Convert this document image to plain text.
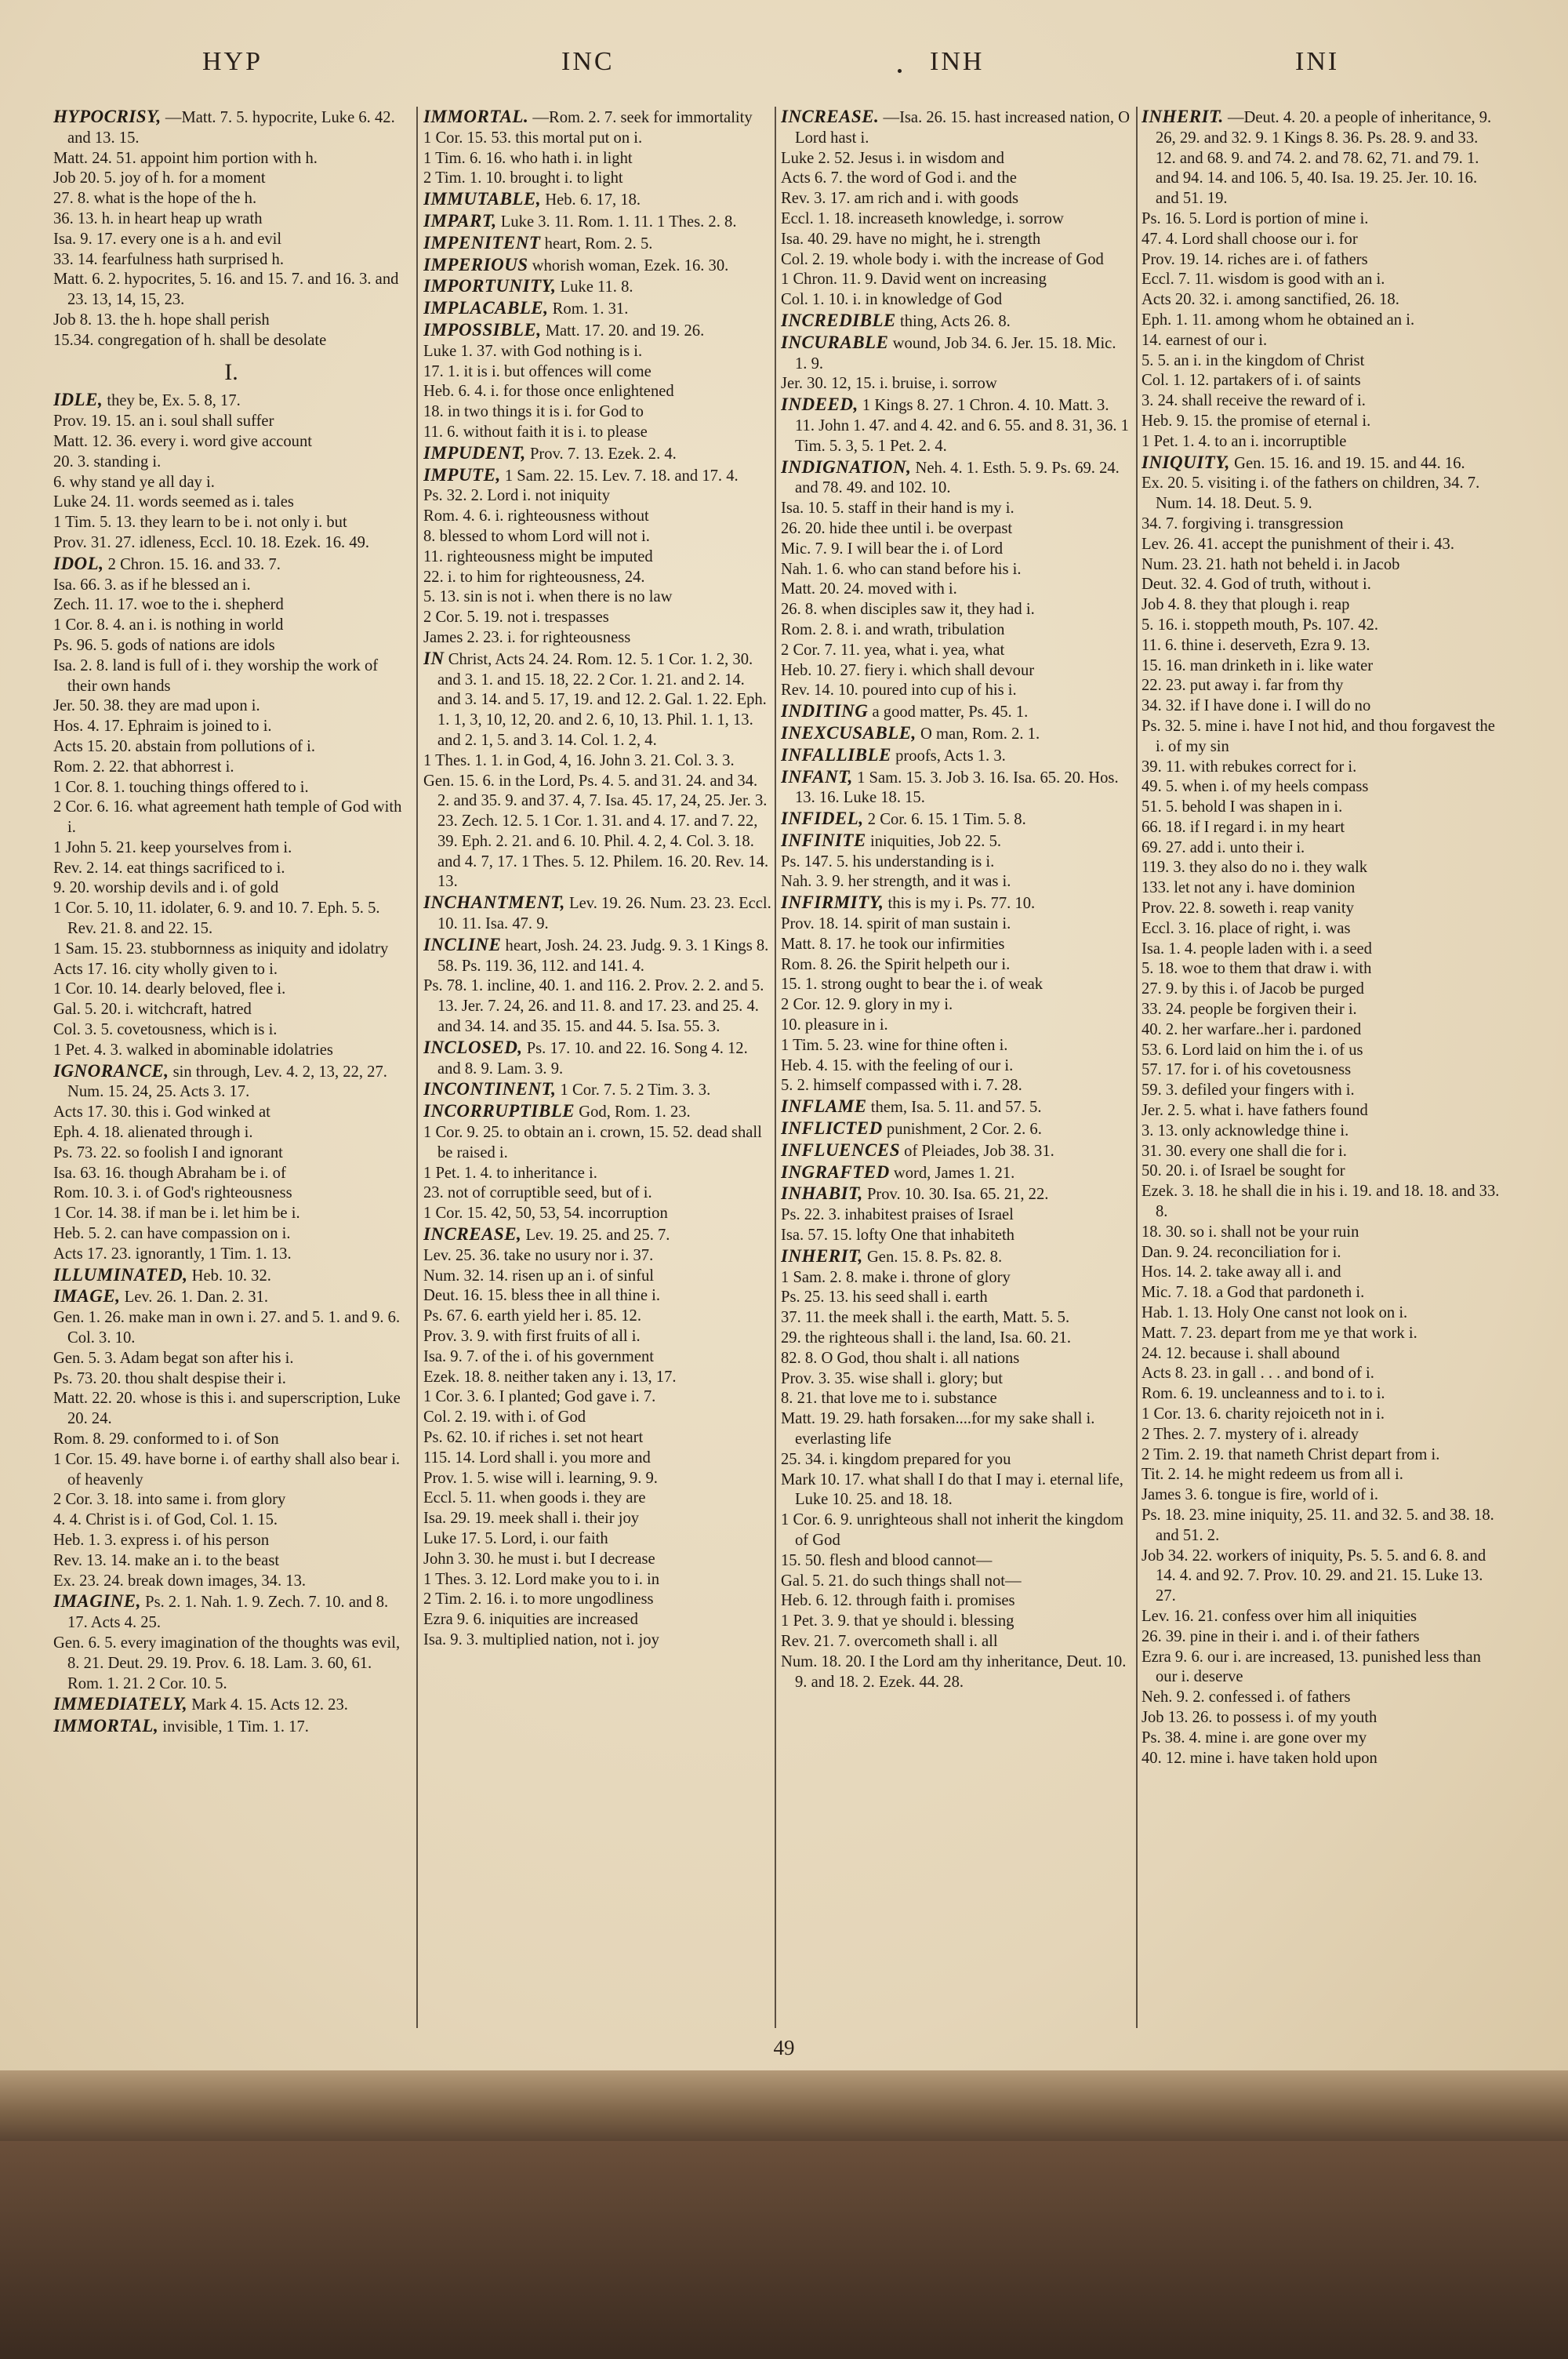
HYP	INC	INH	INI
HYPOCRISY, —Matt. 7. 5. hypocrite, Luke 6. 42. and 13. 15.
Matt. 24. 51. appoint him portion with h.
Job 20. 5. joy of h. for a moment
27. 8. what is the hope of the h.
36. 13. h. in heart heap up wrath
Isa. 9. 17. every one is a h. and evil
33. 14. fearfulness hath surprised h.
Matt. 6. 2. hypocrites, 5. 16. and 15. 7. and 16. 3. and 23. 13, 14, 15, 23.
Job 8. 13. the h. hope shall perish
15.34. congregation of h. shall be desolate
I.
IDLE, they be, Ex. 5. 8, 17.
Prov. 19. 15. an i. soul shall suffer
Matt. 12. 36. every i. word give account
20. 3. standing i.
6. why stand ye all day i.
Luke 24. 11. words seemed as i. tales
1 Tim. 5. 13. they learn to be i. not only i. but
Prov. 31. 27. idleness, Eccl. 10. 18. Ezek. 16. 49.
IDOL, 2 Chron. 15. 16. and 33. 7.
Isa. 66. 3. as if he blessed an i.
Zech. 11. 17. woe to the i. shepherd
1 Cor. 8. 4. an i. is nothing in world
Ps. 96. 5. gods of nations are idols
Isa. 2. 8. land is full of i. they worship the work of their own hands
Jer. 50. 38. they are mad upon i.
Hos. 4. 17. Ephraim is joined to i.
Acts 15. 20. abstain from pollutions of i.
Rom. 2. 22. that abhorrest i.
1 Cor. 8. 1. touching things offered to i.
2 Cor. 6. 16. what agreement hath temple of God with i.
1 John 5. 21. keep yourselves from i.
Rev. 2. 14. eat things sacrificed to i.
9. 20. worship devils and i. of gold
1 Cor. 5. 10, 11. idolater, 6. 9. and 10. 7. Eph. 5. 5. Rev. 21. 8. and 22. 15.
1 Sam. 15. 23. stubbornness as iniquity and idolatry
Acts 17. 16. city wholly given to i.
1 Cor. 10. 14. dearly beloved, flee i.
Gal. 5. 20. i. witchcraft, hatred
Col. 3. 5. covetousness, which is i.
1 Pet. 4. 3. walked in abominable idolatries
IGNORANCE, sin through, Lev. 4. 2, 13, 22, 27. Num. 15. 24, 25. Acts 3. 17.
Acts 17. 30. this i. God winked at
Eph. 4. 18. alienated through i.
Ps. 73. 22. so foolish I and ignorant
Isa. 63. 16. though Abraham be i. of
Rom. 10. 3. i. of God's righteousness
1 Cor. 14. 38. if man be i. let him be i.
Heb. 5. 2. can have compassion on i.
Acts 17. 23. ignorantly, 1 Tim. 1. 13.
ILLUMINATED, Heb. 10. 32.
IMAGE, Lev. 26. 1. Dan. 2. 31.
Gen. 1. 26. make man in own i. 27. and 5. 1. and 9. 6. Col. 3. 10.
Gen. 5. 3. Adam begat son after his i.
Ps. 73. 20. thou shalt despise their i.
Matt. 22. 20. whose is this i. and superscription, Luke 20. 24.
Rom. 8. 29. conformed to i. of Son
1 Cor. 15. 49. have borne i. of earthy shall also bear i. of heavenly
2 Cor. 3. 18. into same i. from glory
4. 4. Christ is i. of God, Col. 1. 15.
Heb. 1. 3. express i. of his person
Rev. 13. 14. make an i. to the beast
Ex. 23. 24. break down images, 34. 13.
IMAGINE, Ps. 2. 1. Nah. 1. 9. Zech. 7. 10. and 8. 17. Acts 4. 25.
Gen. 6. 5. every imagination of the thoughts was evil, 8. 21. Deut. 29. 19. Prov. 6. 18. Lam. 3. 60, 61. Rom. 1. 21. 2 Cor. 10. 5.
IMMEDIATELY, Mark 4. 15. Acts 12. 23.
IMMORTAL, invisible, 1 Tim. 1. 17.
IMMORTAL. —Rom. 2. 7. seek for immortality
1 Cor. 15. 53. this mortal put on i.
1 Tim. 6. 16. who hath i. in light
2 Tim. 1. 10. brought i. to light
IMMUTABLE, Heb. 6. 17, 18.
IMPART, Luke 3. 11. Rom. 1. 11. 1 Thes. 2. 8.
IMPENITENT heart, Rom. 2. 5.
IMPERIOUS whorish woman, Ezek. 16. 30.
IMPORTUNITY, Luke 11. 8.
IMPLACABLE, Rom. 1. 31.
IMPOSSIBLE, Matt. 17. 20. and 19. 26.
Luke 1. 37. with God nothing is i.
17. 1. it is i. but offences will come
Heb. 6. 4. i. for those once enlightened
18. in two things it is i. for God to
11. 6. without faith it is i. to please
IMPUDENT, Prov. 7. 13. Ezek. 2. 4.
IMPUTE, 1 Sam. 22. 15. Lev. 7. 18. and 17. 4.
Ps. 32. 2. Lord i. not iniquity
Rom. 4. 6. i. righteousness without
8. blessed to whom Lord will not i.
11. righteousness might be imputed
22. i. to him for righteousness, 24.
5. 13. sin is not i. when there is no law
2 Cor. 5. 19. not i. trespasses
James 2. 23. i. for righteousness
IN Christ, Acts 24. 24. Rom. 12. 5. 1 Cor. 1. 2, 30. and 3. 1. and 15. 18, 22. 2 Cor. 1. 21. and 2. 14. and 3. 14. and 5. 17, 19. and 12. 2. Gal. 1. 22. Eph. 1. 1, 3, 10, 12, 20. and 2. 6, 10, 13. Phil. 1. 1, 13. and 2. 1, 5. and 3. 14. Col. 1. 2, 4.
1 Thes. 1. 1. in God, 4, 16. John 3. 21. Col. 3. 3.
Gen. 15. 6. in the Lord, Ps. 4. 5. and 31. 24. and 34. 2. and 35. 9. and 37. 4, 7. Isa. 45. 17, 24, 25. Jer. 3. 23. Zech. 12. 5. 1 Cor. 1. 31. and 4. 17. and 7. 22, 39. Eph. 2. 21. and 6. 10. Phil. 4. 2, 4. Col. 3. 18. and 4. 7, 17. 1 Thes. 5. 12. Philem. 16. 20. Rev. 14. 13.
INCHANTMENT, Lev. 19. 26. Num. 23. 23. Eccl. 10. 11. Isa. 47. 9.
INCLINE heart, Josh. 24. 23. Judg. 9. 3. 1 Kings 8. 58. Ps. 119. 36, 112. and 141. 4.
Ps. 78. 1. incline, 40. 1. and 116. 2. Prov. 2. 2. and 5. 13. Jer. 7. 24, 26. and 11. 8. and 17. 23. and 25. 4. and 34. 14. and 35. 15. and 44. 5. Isa. 55. 3.
INCLOSED, Ps. 17. 10. and 22. 16. Song 4. 12. and 8. 9. Lam. 3. 9.
INCONTINENT, 1 Cor. 7. 5. 2 Tim. 3. 3.
INCORRUPTIBLE God, Rom. 1. 23.
1 Cor. 9. 25. to obtain an i. crown, 15. 52. dead shall be raised i.
1 Pet. 1. 4. to inheritance i.
23. not of corruptible seed, but of i.
1 Cor. 15. 42, 50, 53, 54. incorruption
INCREASE, Lev. 19. 25. and 25. 7.
Lev. 25. 36. take no usury nor i. 37.
Num. 32. 14. risen up an i. of sinful
Deut. 16. 15. bless thee in all thine i.
Ps. 67. 6. earth yield her i. 85. 12.
Prov. 3. 9. with first fruits of all i.
Isa. 9. 7. of the i. of his government
Ezek. 18. 8. neither taken any i. 13, 17.
1 Cor. 3. 6. I planted; God gave i. 7.
Col. 2. 19. with i. of God
Ps. 62. 10. if riches i. set not heart
115. 14. Lord shall i. you more and
Prov. 1. 5. wise will i. learning, 9. 9.
Eccl. 5. 11. when goods i. they are
Isa. 29. 19. meek shall i. their joy
Luke 17. 5. Lord, i. our faith
John 3. 30. he must i. but I decrease
1 Thes. 3. 12. Lord make you to i. in
2 Tim. 2. 16. i. to more ungodliness
Ezra 9. 6. iniquities are increased
Isa. 9. 3. multiplied nation, not i. joy
INCREASE. —Isa. 26. 15. hast increased nation, O Lord hast i.
Luke 2. 52. Jesus i. in wisdom and
Acts 6. 7. the word of God i. and the
Rev. 3. 17. am rich and i. with goods
Eccl. 1. 18. increaseth knowledge, i. sorrow
Isa. 40. 29. have no might, he i. strength
Col. 2. 19. whole body i. with the increase of God
1 Chron. 11. 9. David went on increasing
Col. 1. 10. i. in knowledge of God
INCREDIBLE thing, Acts 26. 8.
INCURABLE wound, Job 34. 6. Jer. 15. 18. Mic. 1. 9.
Jer. 30. 12, 15. i. bruise, i. sorrow
INDEED, 1 Kings 8. 27. 1 Chron. 4. 10. Matt. 3. 11. John 1. 47. and 4. 42. and 6. 55. and 8. 31, 36. 1 Tim. 5. 3, 5. 1 Pet. 2. 4.
INDIGNATION, Neh. 4. 1. Esth. 5. 9. Ps. 69. 24. and 78. 49. and 102. 10.
Isa. 10. 5. staff in their hand is my i.
26. 20. hide thee until i. be overpast
Mic. 7. 9. I will bear the i. of Lord
Nah. 1. 6. who can stand before his i.
Matt. 20. 24. moved with i.
26. 8. when disciples saw it, they had i.
Rom. 2. 8. i. and wrath, tribulation
2 Cor. 7. 11. yea, what i. yea, what
Heb. 10. 27. fiery i. which shall devour
Rev. 14. 10. poured into cup of his i.
INDITING a good matter, Ps. 45. 1.
INEXCUSABLE, O man, Rom. 2. 1.
INFALLIBLE proofs, Acts 1. 3.
INFANT, 1 Sam. 15. 3. Job 3. 16. Isa. 65. 20. Hos. 13. 16. Luke 18. 15.
INFIDEL, 2 Cor. 6. 15. 1 Tim. 5. 8.
INFINITE iniquities, Job 22. 5.
Ps. 147. 5. his understanding is i.
Nah. 3. 9. her strength, and it was i.
INFIRMITY, this is my i. Ps. 77. 10.
Prov. 18. 14. spirit of man sustain i.
Matt. 8. 17. he took our infirmities
Rom. 8. 26. the Spirit helpeth our i.
15. 1. strong ought to bear the i. of weak
2 Cor. 12. 9. glory in my i.
10. pleasure in i.
1 Tim. 5. 23. wine for thine often i.
Heb. 4. 15. with the feeling of our i.
5. 2. himself compassed with i. 7. 28.
INFLAME them, Isa. 5. 11. and 57. 5.
INFLICTED punishment, 2 Cor. 2. 6.
INFLUENCES of Pleiades, Job 38. 31.
INGRAFTED word, James 1. 21.
INHABIT, Prov. 10. 30. Isa. 65. 21, 22.
Ps. 22. 3. inhabitest praises of Israel
Isa. 57. 15. lofty One that inhabiteth
INHERIT, Gen. 15. 8. Ps. 82. 8.
1 Sam. 2. 8. make i. throne of glory
Ps. 25. 13. his seed shall i. earth
37. 11. the meek shall i. the earth, Matt. 5. 5.
29. the righteous shall i. the land, Isa. 60. 21.
82. 8. O God, thou shalt i. all nations
Prov. 3. 35. wise shall i. glory; but
8. 21. that love me to i. substance
Matt. 19. 29. hath forsaken....for my sake shall i. everlasting life
25. 34. i. kingdom prepared for you
Mark 10. 17. what shall I do that I may i. eternal life, Luke 10. 25. and 18. 18.
1 Cor. 6. 9. unrighteous shall not inherit the kingdom of God
15. 50. flesh and blood cannot—
Gal. 5. 21. do such things shall not—
Heb. 6. 12. through faith i. promises
1 Pet. 3. 9. that ye should i. blessing
Rev. 21. 7. overcometh shall i. all
Num. 18. 20. I the Lord am thy inheritance, Deut. 10. 9. and 18. 2. Ezek. 44. 28.
INHERIT. —Deut. 4. 20. a people of inheritance, 9. 26, 29. and 32. 9. 1 Kings 8. 36. Ps. 28. 9. and 33. 12. and 68. 9. and 74. 2. and 78. 62, 71. and 79. 1. and 94. 14. and 106. 5, 40. Isa. 19. 25. Jer. 10. 16. and 51. 19.
Ps. 16. 5. Lord is portion of mine i.
47. 4. Lord shall choose our i. for
Prov. 19. 14. riches are i. of fathers
Eccl. 7. 11. wisdom is good with an i.
Acts 20. 32. i. among sanctified, 26. 18.
Eph. 1. 11. among whom he obtained an i.
14. earnest of our i.
5. 5. an i. in the kingdom of Christ
Col. 1. 12. partakers of i. of saints
3. 24. shall receive the reward of i.
Heb. 9. 15. the promise of eternal i.
1 Pet. 1. 4. to an i. incorruptible
INIQUITY, Gen. 15. 16. and 19. 15. and 44. 16.
Ex. 20. 5. visiting i. of the fathers on children, 34. 7. Num. 14. 18. Deut. 5. 9.
34. 7. forgiving i. transgression
Lev. 26. 41. accept the punishment of their i. 43.
Num. 23. 21. hath not beheld i. in Jacob
Deut. 32. 4. God of truth, without i.
Job 4. 8. they that plough i. reap
5. 16. i. stoppeth mouth, Ps. 107. 42.
11. 6. thine i. deserveth, Ezra 9. 13.
15. 16. man drinketh in i. like water
22. 23. put away i. far from thy
34. 32. if I have done i. I will do no
Ps. 32. 5. mine i. have I not hid, and thou forgavest the i. of my sin
39. 11. with rebukes correct for i.
49. 5. when i. of my heels compass
51. 5. behold I was shapen in i.
66. 18. if I regard i. in my heart
69. 27. add i. unto their i.
119. 3. they also do no i. they walk
133. let not any i. have dominion
Prov. 22. 8. soweth i. reap vanity
Eccl. 3. 16. place of right, i. was
Isa. 1. 4. people laden with i. a seed
5. 18. woe to them that draw i. with
27. 9. by this i. of Jacob be purged
33. 24. people be forgiven their i.
40. 2. her warfare..her i. pardoned
53. 6. Lord laid on him the i. of us
57. 17. for i. of his covetousness
59. 3. defiled your fingers with i.
Jer. 2. 5. what i. have fathers found
3. 13. only acknowledge thine i.
31. 30. every one shall die for i.
50. 20. i. of Israel be sought for
Ezek. 3. 18. he shall die in his i. 19. and 18. 18. and 33. 8.
18. 30. so i. shall not be your ruin
Dan. 9. 24. reconciliation for i.
Hos. 14. 2. take away all i. and
Mic. 7. 18. a God that pardoneth i.
Hab. 1. 13. Holy One canst not look on i.
Matt. 7. 23. depart from me ye that work i.
24. 12. because i. shall abound
Acts 8. 23. in gall . . . and bond of i.
Rom. 6. 19. uncleanness and to i. to i.
1 Cor. 13. 6. charity rejoiceth not in i.
2 Thes. 2. 7. mystery of i. already
2 Tim. 2. 19. that nameth Christ depart from i.
Tit. 2. 14. he might redeem us from all i.
James 3. 6. tongue is fire, world of i.
Ps. 18. 23. mine iniquity, 25. 11. and 32. 5. and 38. 18. and 51. 2.
Job 34. 22. workers of iniquity, Ps. 5. 5. and 6. 8. and 14. 4. and 92. 7. Prov. 10. 29. and 21. 15. Luke 13. 27.
Lev. 16. 21. confess over him all iniquities
26. 39. pine in their i. and i. of their fathers
Ezra 9. 6. our i. are increased, 13. punished less than our i. deserve
Neh. 9. 2. confessed i. of fathers
Job 13. 26. to possess i. of my youth
Ps. 38. 4. mine i. are gone over my
40. 12. mine i. have taken hold upon
49
